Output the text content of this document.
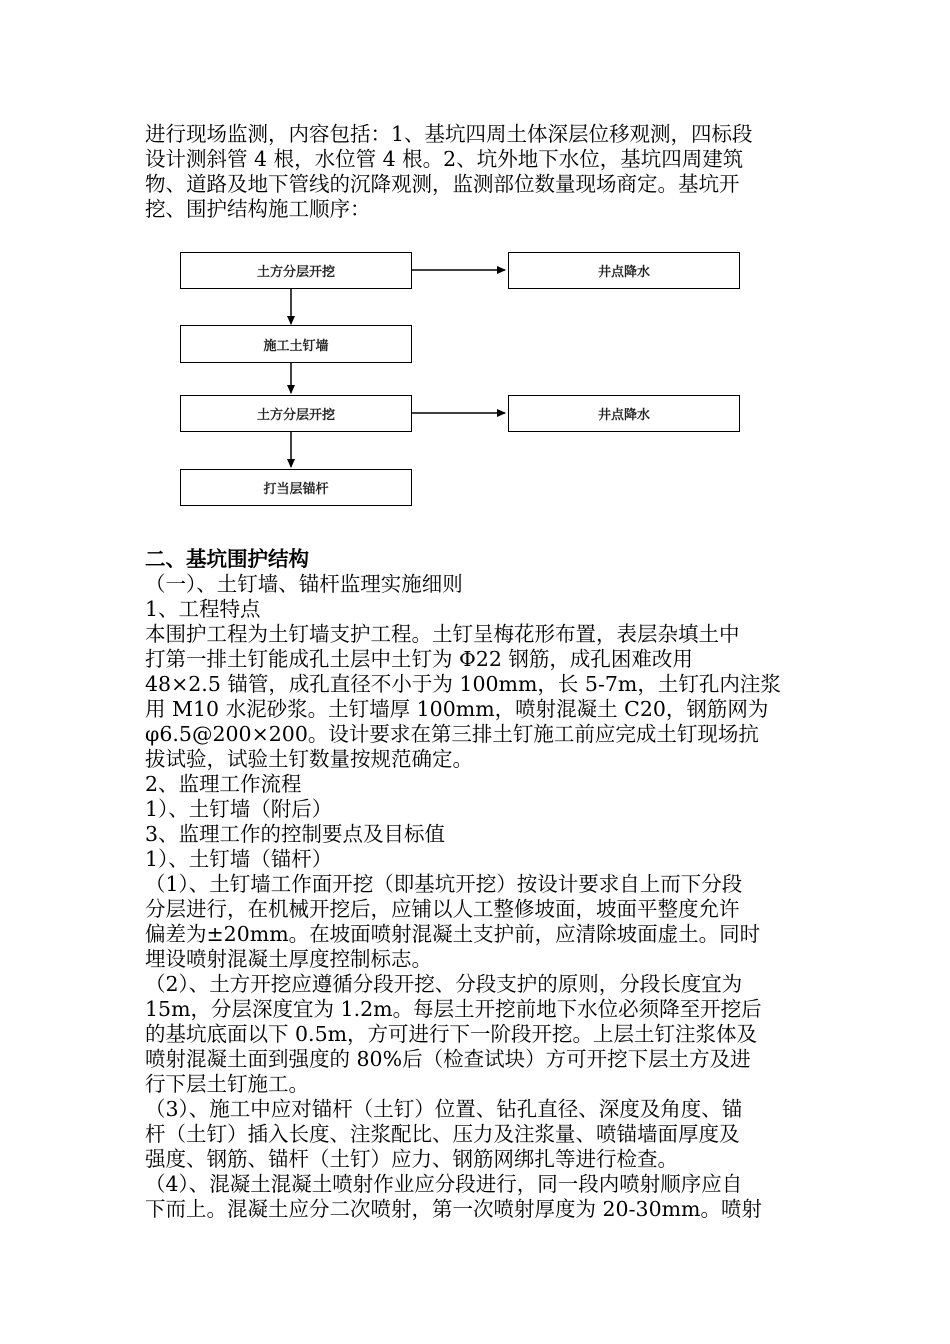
进行现场监测，内容包括：1、基坑四周土体深层位移观测，四标段
设计测斜管 4 根，水位管 4 根。2、坑外地下水位，基坑四周建筑
物、道路及地下管线的沉降观测，监测部位数量现场商定。基坑开
挖、围护结构施工顺序：
土方分层开挖
施工土钉墙
土方分层开挖
打当层锚杆
井点降水
井点降水
二、基坑围护结构
（一）、土钉墙、锚杆监理实施细则
1、工程特点
本围护工程为土钉墙支护工程。土钉呈梅花形布置，表层杂填土中
打第一排土钉能成孔土层中土钉为 Φ22 钢筋，成孔困难改用
48×2.5 锚管，成孔直径不小于为 100mm，长 5-7m，土钉孔内注浆
用 M10 水泥砂浆。土钉墙厚 100mm，喷射混凝土 C20，钢筋网为
φ6.5@200×200。设计要求在第三排土钉施工前应完成土钉现场抗
拔试验，试验土钉数量按规范确定。
2、监理工作流程
1）、土钉墙（附后）
3、监理工作的控制要点及目标值
1）、土钉墙（锚杆）
（1）、土钉墙工作面开挖（即基坑开挖）按设计要求自上而下分段
分层进行，在机械开挖后，应铺以人工整修坡面，坡面平整度允许
偏差为±20mm。在坡面喷射混凝土支护前，应清除坡面虚土。同时
埋设喷射混凝土厚度控制标志。
（2）、土方开挖应遵循分段开挖、分段支护的原则，分段长度宜为
15m，分层深度宜为 1.2m。每层土开挖前地下水位必须降至开挖后
的基坑底面以下 0.5m，方可进行下一阶段开挖。上层土钉注浆体及
喷射混凝土面到强度的 80%后（检查试块）方可开挖下层土方及进
行下层土钉施工。
（3）、施工中应对锚杆（土钉）位置、钻孔直径、深度及角度、锚
杆（土钉）插入长度、注浆配比、压力及注浆量、喷锚墙面厚度及
强度、钢筋、锚杆（土钉）应力、钢筋网绑扎等进行检查。
（4）、混凝土混凝土喷射作业应分段进行，同一段内喷射顺序应自
下而上。混凝土应分二次喷射，第一次喷射厚度为 20-30mm。喷射
